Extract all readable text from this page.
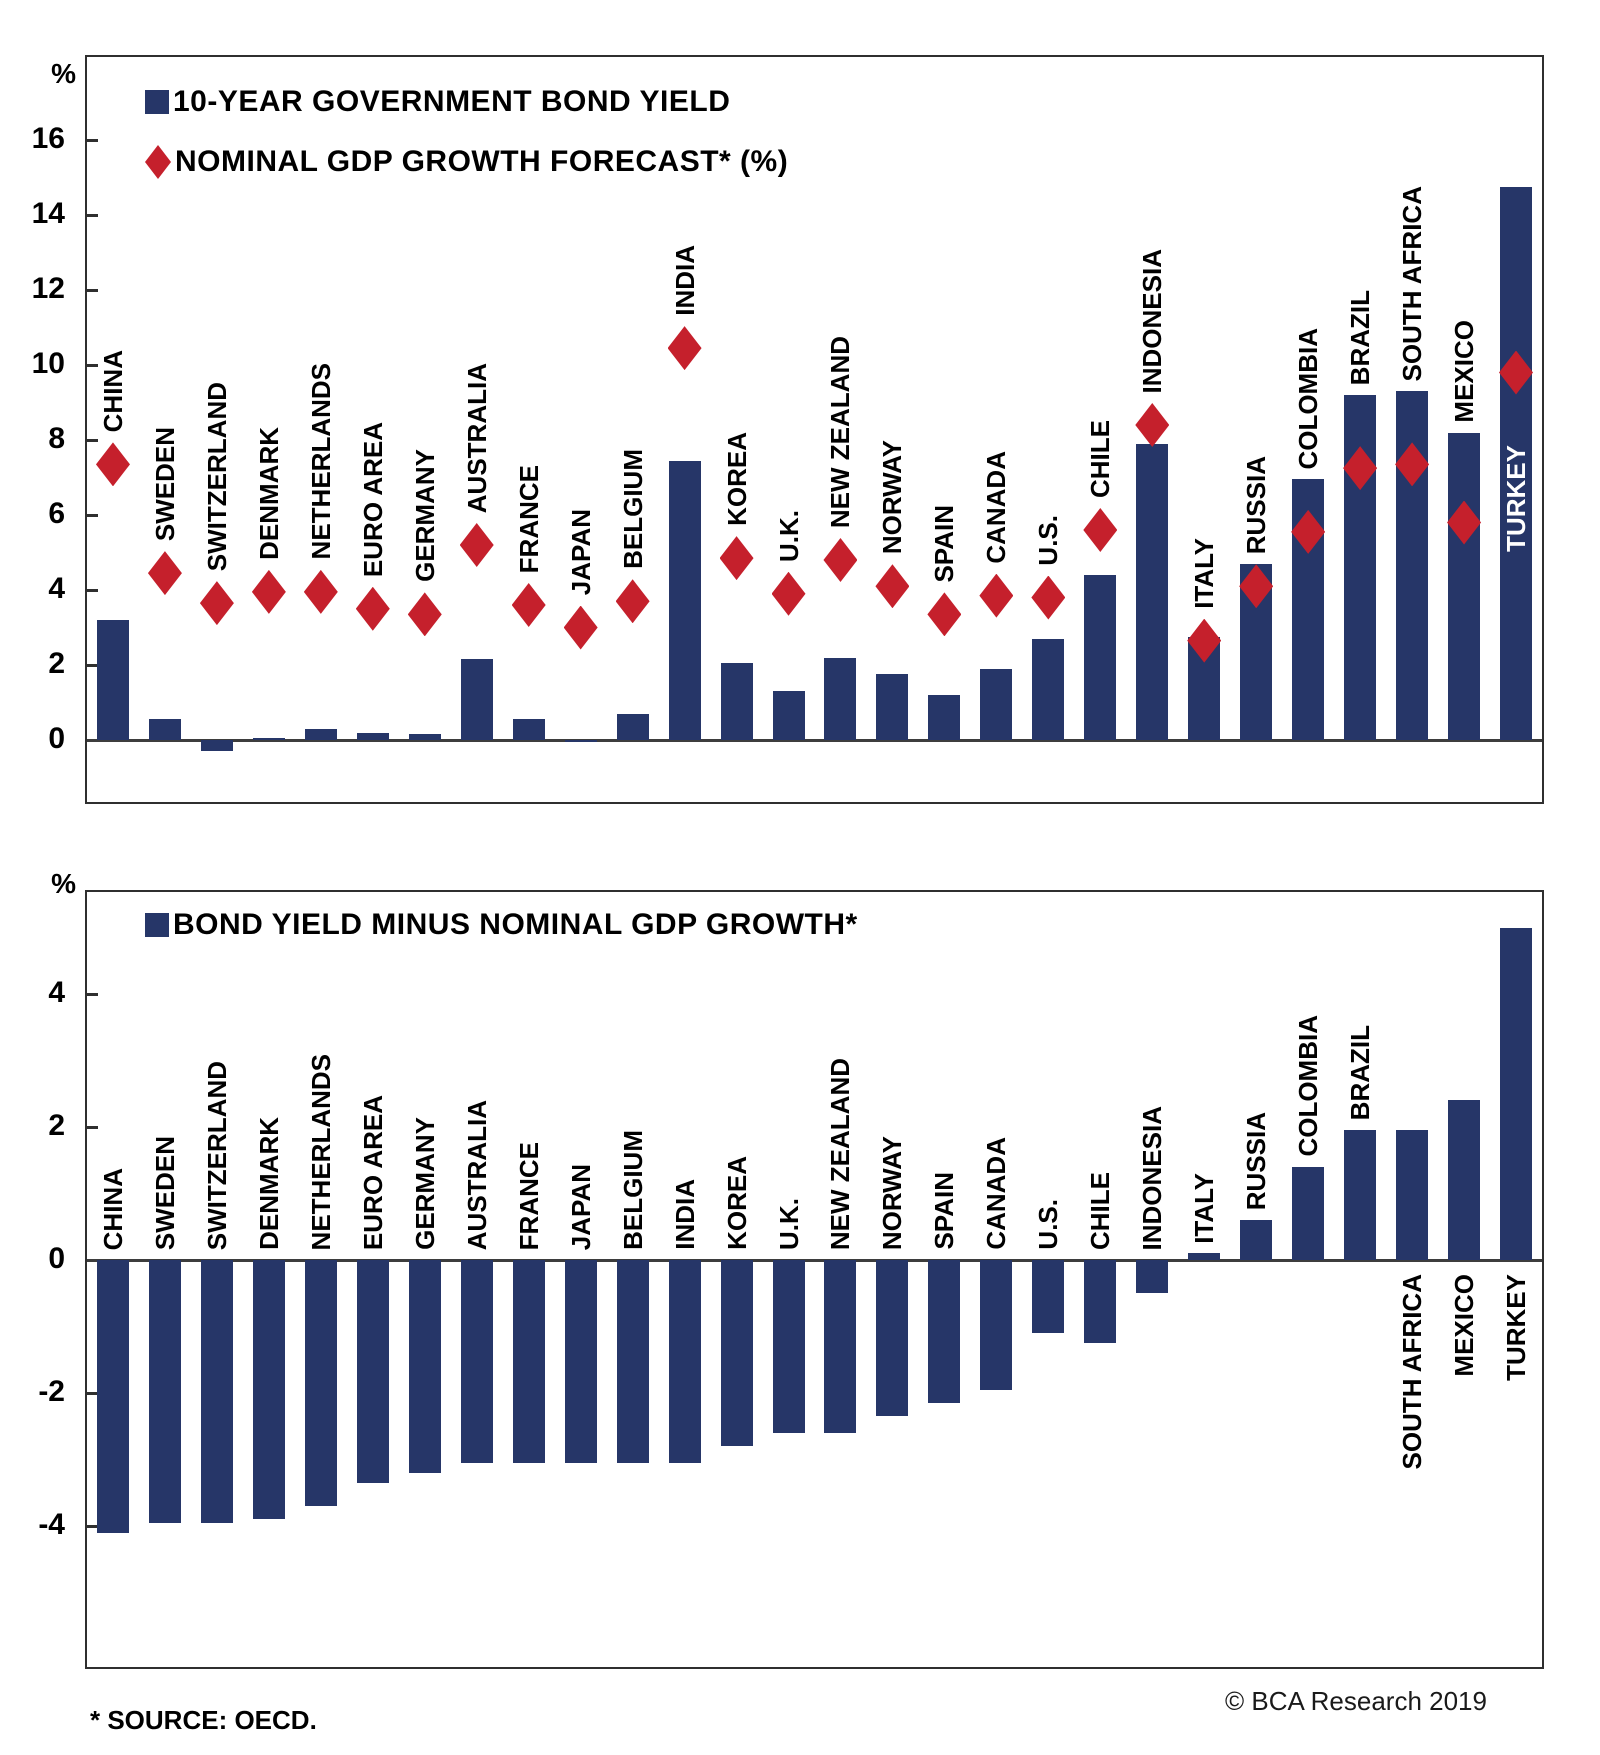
%
10-YEAR GOVERNMENT BOND YIELD
NOMINAL GDP GROWTH FORECAST* (%)
16
14
12
10
8
6
4
2
0
CHINA
SWEDEN SWITZERLAND DENMARK NETHERLANDS EURO AREA GERMANY
AUSTRALIA
FRANCE JAPAN BELGIUM
INDIA
KOREA
U.K.
NEW ZEALAND NORWAY SPAIN CANADA U.S.
CHILE
INDONESIA
ITALY
RUSSIA
COLOMBIA BRAZIL SOUTH AFRICA MEXICO
TURKEY
%
BOND YIELD MINUS NOMINAL GDP GROWTH*
4
2
0
-2
-4
CHINA SWEDEN SWITZERLAND DENMARK NETHERLANDS EURO AREA GERMANY AUSTRALIA FRANCE JAPAN BELGIUM INDIA KOREA U.K. NEW ZEALAND NORWAY SPAIN CANADA U.S. CHILE INDONESIA ITALY RUSSIA
COLOMBIA BRAZIL
SOUTH AFRICA MEXICO TURKEY
* SOURCE: OECD.
© BCA Research 2019
